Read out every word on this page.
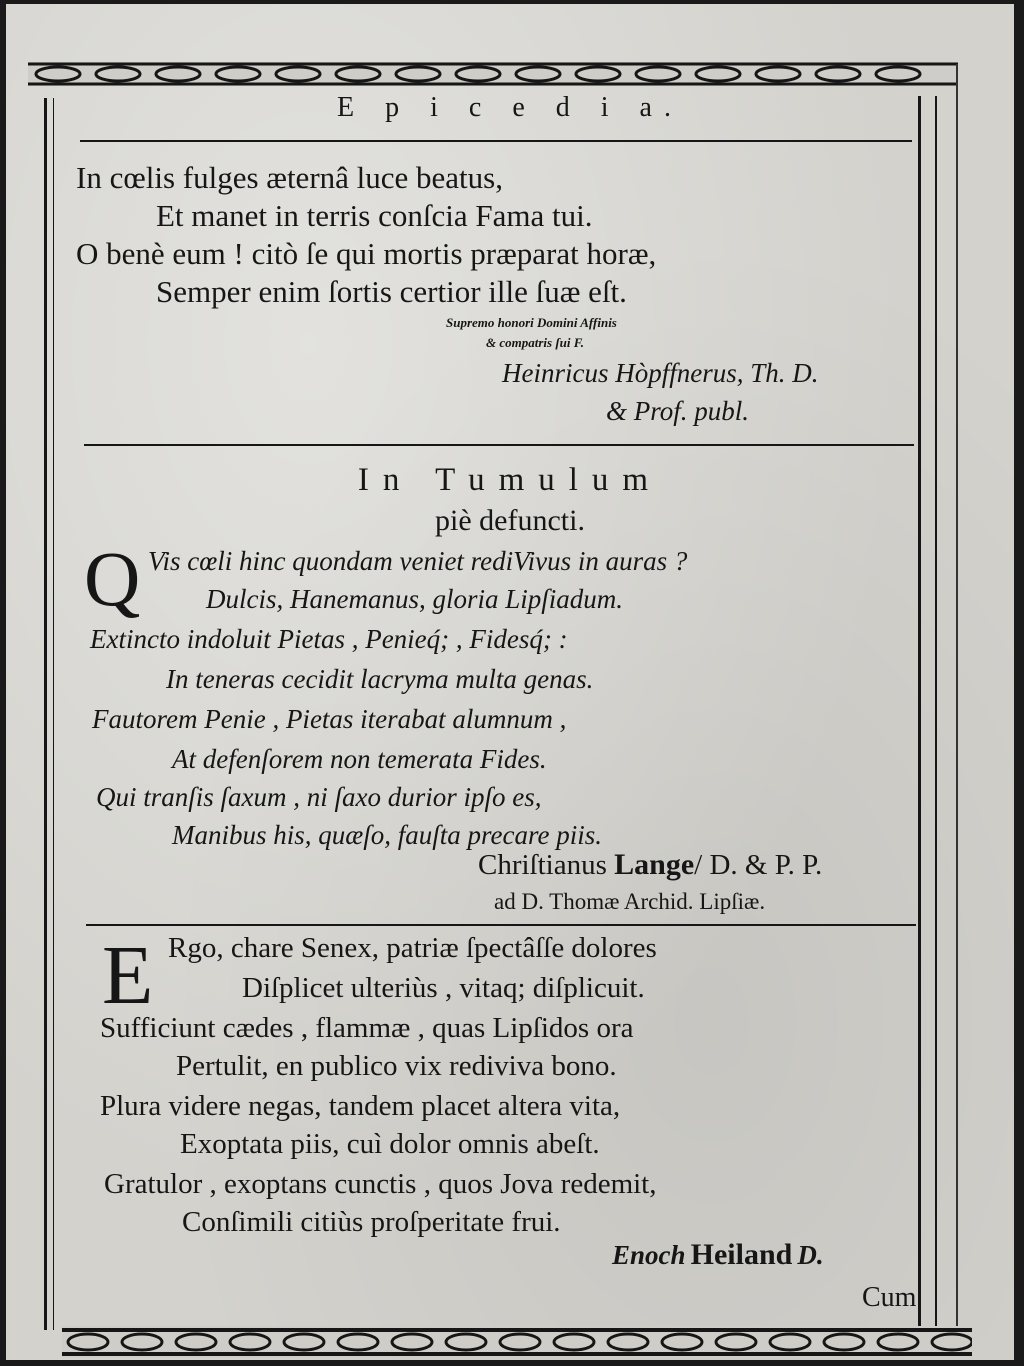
E p i c e d i a.
In cœlis fulges æternâ luce beatus,
Et manet in terris conſcia Fama tui.
O benè eum ! citò ſe qui mortis præparat horæ,
Semper enim ſortis certior ille ſuæ eſt.
Supremo honori Domini Affinis
& compatris ſui F.
Heinricus Hòpffnerus, Th. D.
& Prof. publ.
In Tumulum
piè defuncti.
Q Vis cœli hinc quondam veniet rediVivus in auras ?
Dulcis, Hanemanus, gloria Lipſiadum.
Extincto indoluit Pietas , Penieq́; , Fidesq́; :
In teneras cecidit lacryma multa genas.
Fautorem Penie , Pietas iterabat alumnum ,
At defenſorem non temerata Fides.
Qui tranſis ſaxum , ni ſaxo durior ipſo es,
Manibus his, quæſo, fauſta precare piis.
Chriſtianus Lange/ D. & P. P.
ad D. Thomæ Archid. Lipſiæ.
E Rgo, chare Senex, patriæ ſpectâſſe dolores
Diſplicet ulteriùs , vitaq; diſplicuit.
Sufficiunt cædes , flammæ , quas Lipſidos ora
Pertulit, en publico vix rediviva bono.
Plura videre negas, tandem placet altera vita,
Exoptata piis, cuì dolor omnis abeſt.
Gratulor , exoptans cunctis , quos Jova redemit,
Conſimili citiùs proſperitate frui.
Enoch Heiland D.
Cum
